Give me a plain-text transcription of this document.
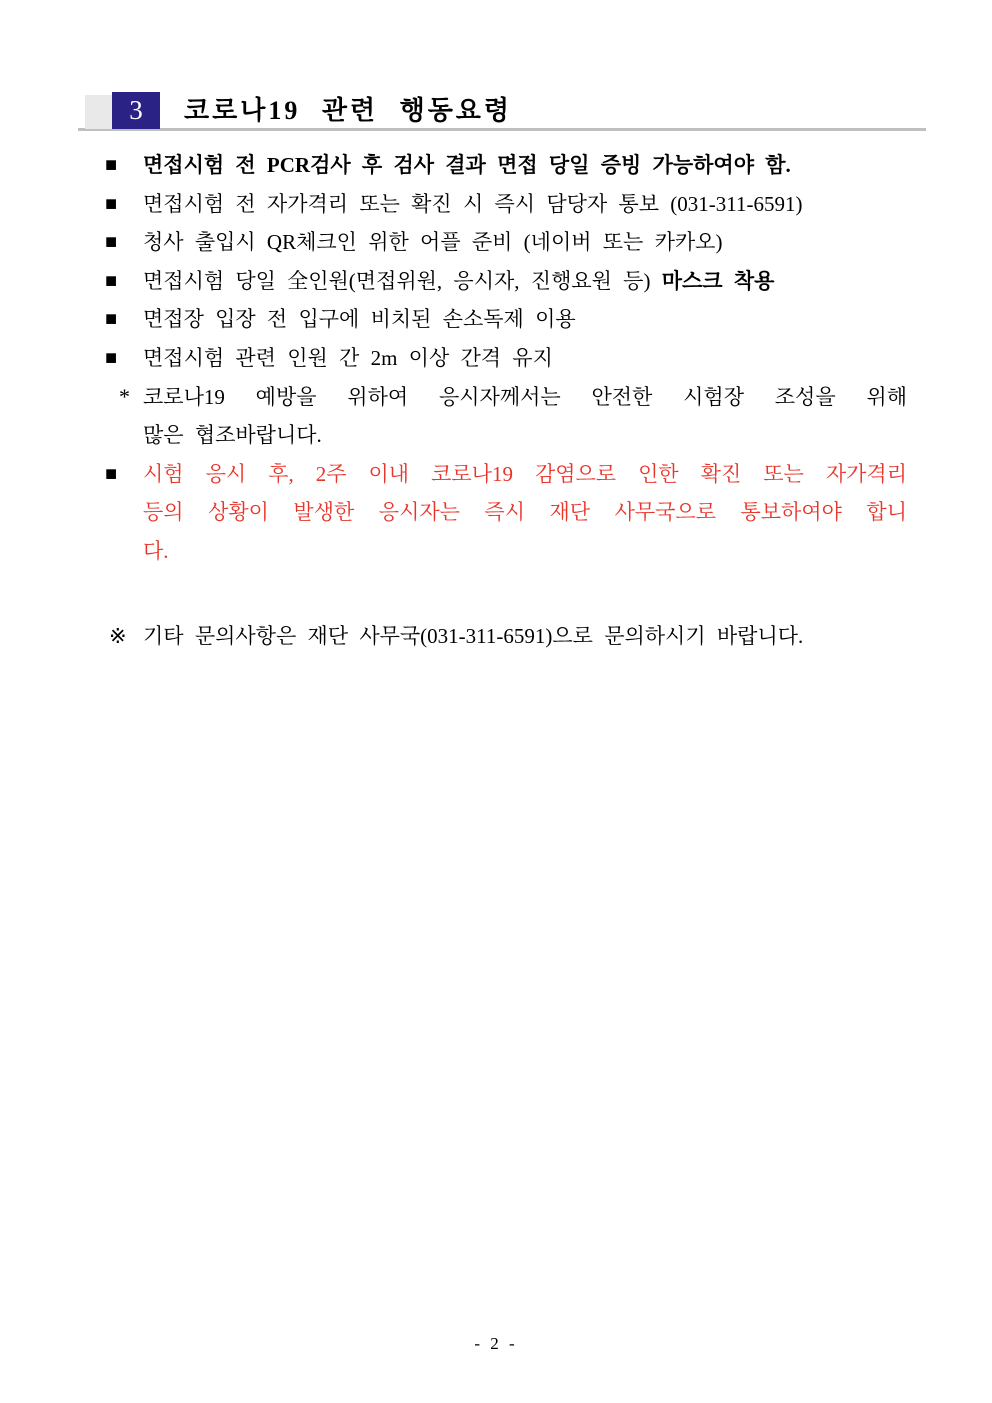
3 코로나19 관련 행동요령
■	면접시험 전 PCR검사 후 검사 결과 면접 당일 증빙 가능하여야 함.
■	면접시험 전 자가격리 또는 확진 시 즉시 담당자 통보 (031-311-6591)
■	청사 출입시 QR체크인 위한 어플 준비 (네이버 또는 카카오)
■	면접시험 당일 全인원(면접위원, 응시자, 진행요원 등) 마스크 착용
■	면접장 입장 전 입구에 비치된 손소독제 이용
■	면접시험 관련 인원 간 2m 이상 간격 유지
* 코로나19 예방을 위하여 응시자께서는 안전한 시험장 조성을 위해
많은 협조바랍니다.
■	시험 응시 후, 2주 이내 코로나19 감염으로 인한 확진 또는 자가격리
등의 상황이 발생한 응시자는 즉시 재단 사무국으로 통보하여야 합니
다.
※ 기타 문의사항은 재단 사무국(031-311-6591)으로 문의하시기 바랍니다.
- 2 -
